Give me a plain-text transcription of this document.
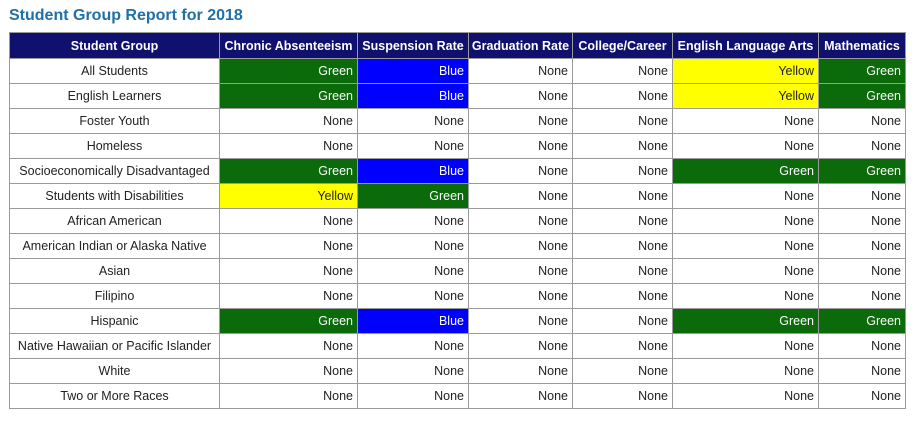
Student Group Report for 2018
Student Group	Chronic Absenteeism	Suspension Rate	Graduation Rate	College/Career	English Language Arts	Mathematics
All Students	Green	Blue	None	None	Yellow	Green
English Learners	Green	Blue	None	None	Yellow	Green
Foster Youth	None	None	None	None	None	None
Homeless	None	None	None	None	None	None
Socioeconomically Disadvantaged	Green	Blue	None	None	Green	Green
Students with Disabilities	Yellow	Green	None	None	None	None
African American	None	None	None	None	None	None
American Indian or Alaska Native	None	None	None	None	None	None
Asian	None	None	None	None	None	None
Filipino	None	None	None	None	None	None
Hispanic	Green	Blue	None	None	Green	Green
Native Hawaiian or Pacific Islander	None	None	None	None	None	None
White	None	None	None	None	None	None
Two or More Races	None	None	None	None	None	None
